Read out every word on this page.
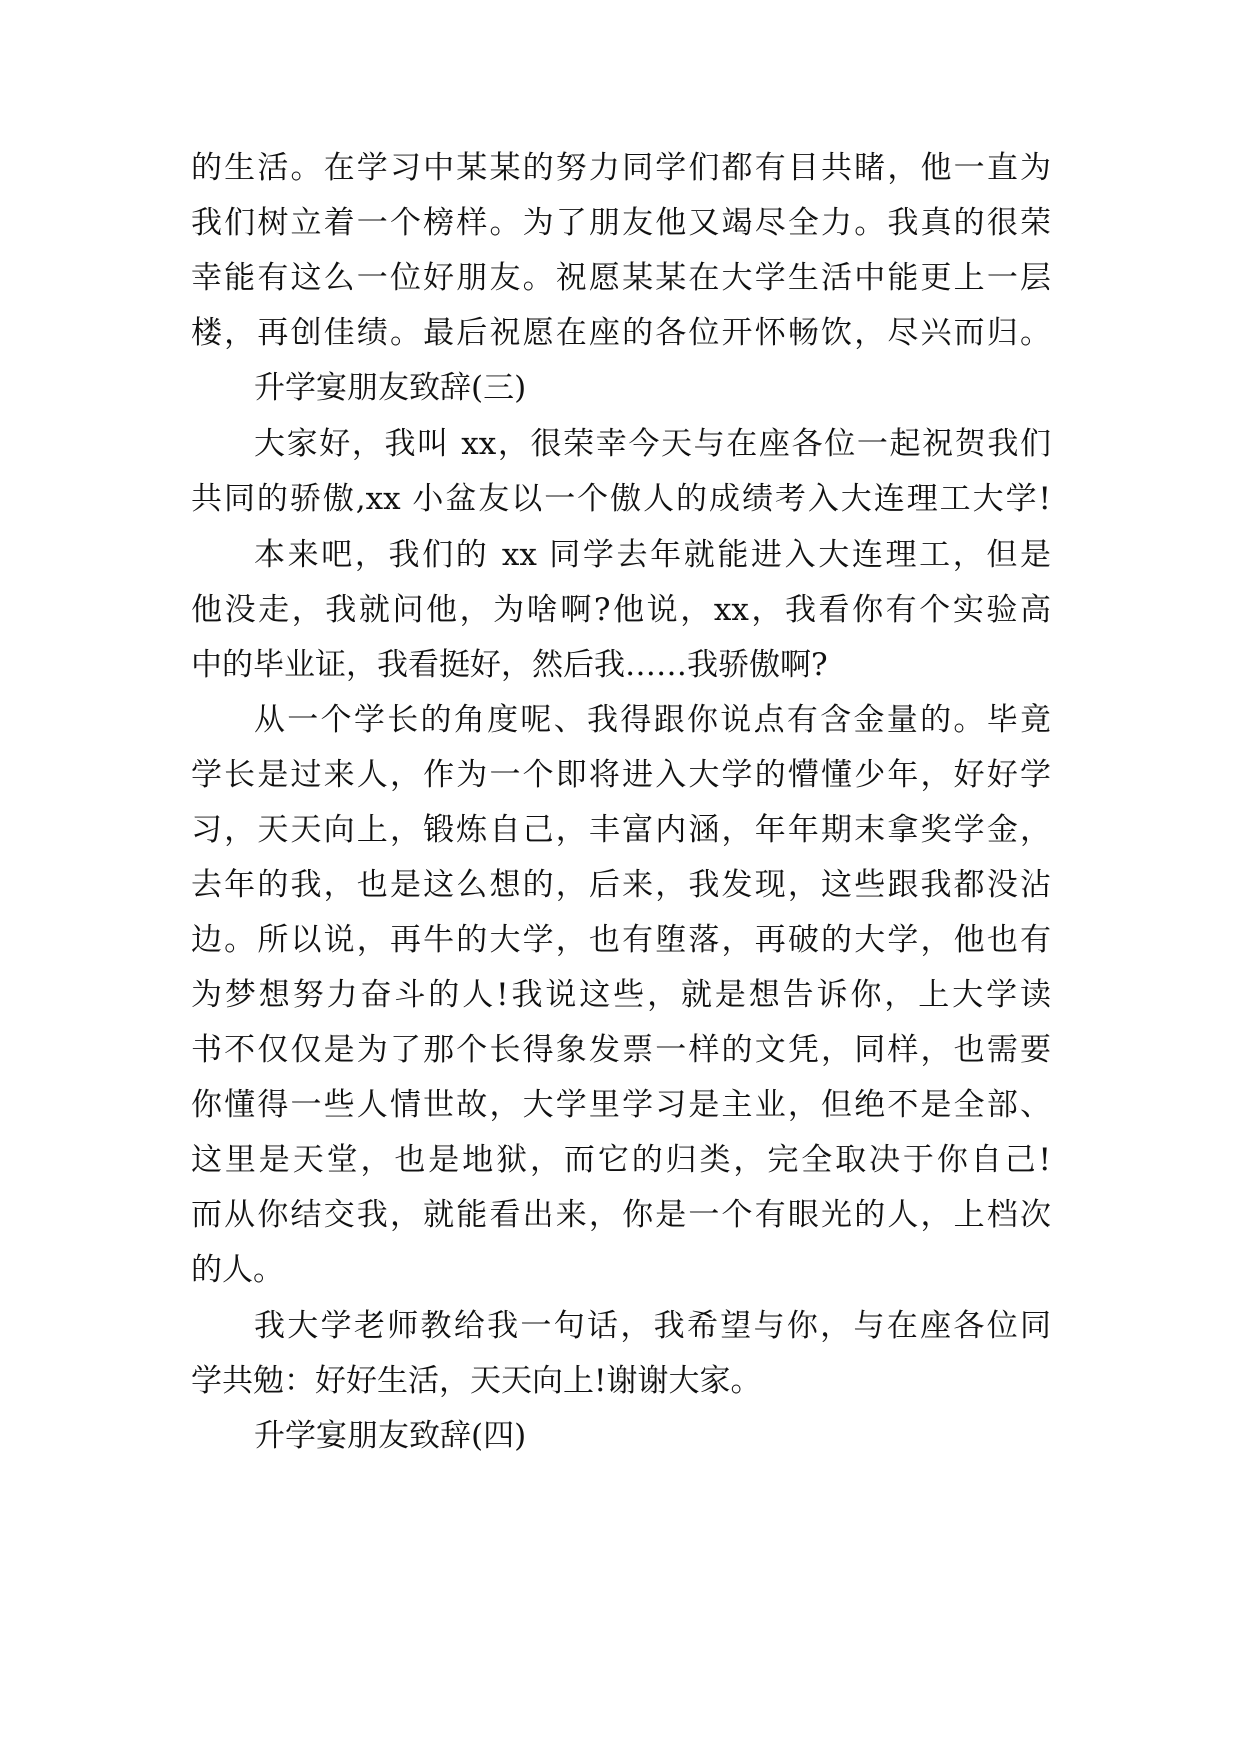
的生活。在学习中某某的努力同学们都有目共睹，他一直为
我们树立着一个榜样。为了朋友他又竭尽全力。我真的很荣
幸能有这么一位好朋友。祝愿某某在大学生活中能更上一层
楼，再创佳绩。最后祝愿在座的各位开怀畅饮，尽兴而归。
升学宴朋友致辞(三)
大家好，我叫 xx，很荣幸今天与在座各位一起祝贺我们
共同的骄傲,xx 小盆友以一个傲人的成绩考入大连理工大学!
本来吧，我们的 xx 同学去年就能进入大连理工，但是
他没走，我就问他，为啥啊?他说，xx，我看你有个实验高
中的毕业证，我看挺好，然后我……我骄傲啊?
从一个学长的角度呢、我得跟你说点有含金量的。毕竟
学长是过来人，作为一个即将进入大学的懵懂少年，好好学
习，天天向上，锻炼自己，丰富内涵，年年期末拿奖学金，
去年的我，也是这么想的，后来，我发现，这些跟我都没沾
边。所以说，再牛的大学，也有堕落，再破的大学，他也有
为梦想努力奋斗的人!我说这些，就是想告诉你，上大学读
书不仅仅是为了那个长得象发票一样的文凭，同样，也需要
你懂得一些人情世故，大学里学习是主业，但绝不是全部、
这里是天堂，也是地狱，而它的归类，完全取决于你自己!
而从你结交我，就能看出来，你是一个有眼光的人，上档次
的人。
我大学老师教给我一句话，我希望与你，与在座各位同
学共勉：好好生活，天天向上!谢谢大家。
升学宴朋友致辞(四)
